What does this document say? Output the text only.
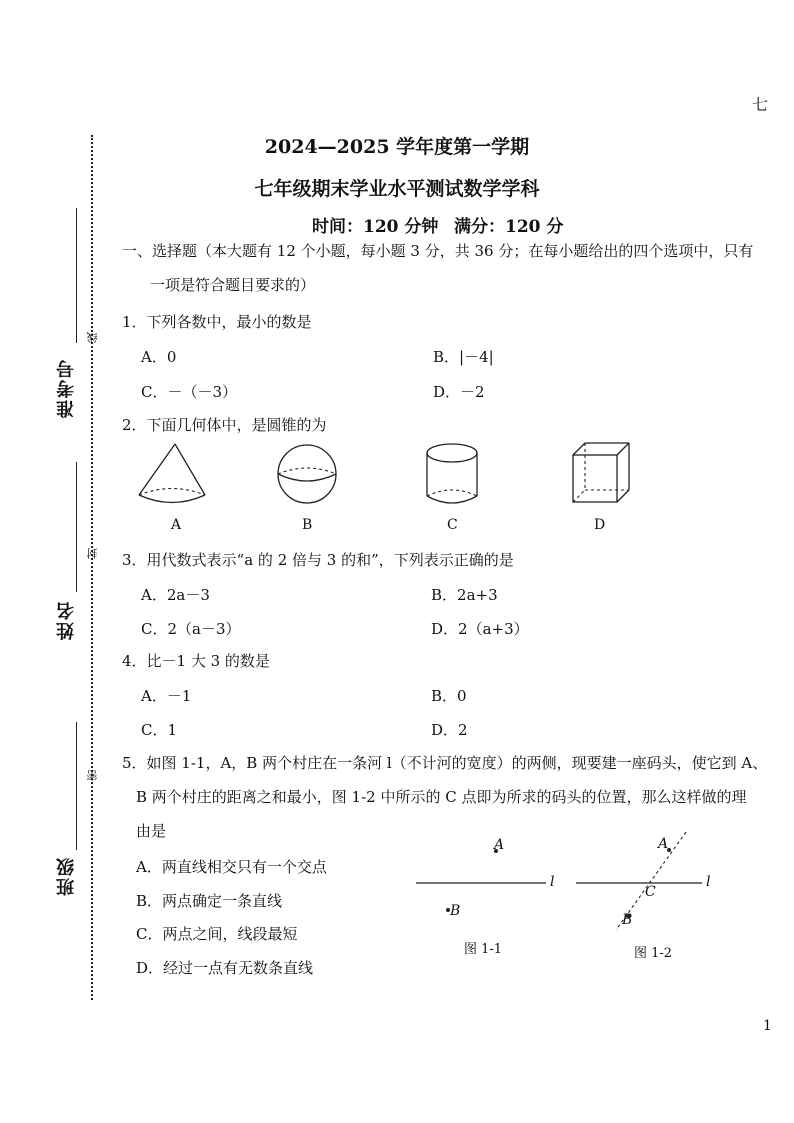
七
1
准考号
线
姓名
封
班级
密
2024—2025 学年度第一学期
七年级期末学业水平测试数学学科
时间：120 分钟 满分：120 分
一、选择题（本大题有 12 个小题，每小题 3 分，共 36 分；在每小题给出的四个选项中，只有
一项是符合题目要求的）
1．下列各数中，最小的数是
A．0	B．|－4|
C．－（－3）	D．－2
2．下面几何体中，是圆锥的为
A	B	C	D
3．用代数式表示“a 的 2 倍与 3 的和”，下列表示正确的是
A．2a－3	B．2a+3
C．2（a－3）	D．2（a+3）
4．比－1 大 3 的数是
A．－1	B．0
C．1	D．2
5．如图 1-1，A，B 两个村庄在一条河 l（不计河的宽度）的两侧，现要建一座码头，使它到 A、
B 两个村庄的距离之和最小，图 1-2 中所示的 C 点即为所求的码头的位置，那么这样做的理
由是
A．两直线相交只有一个交点
B．两点确定一条直线
C．两点之间，线段最短
D．经过一点有无数条直线
A
B
l
图 1-1
A
B
C
l
图 1-2
